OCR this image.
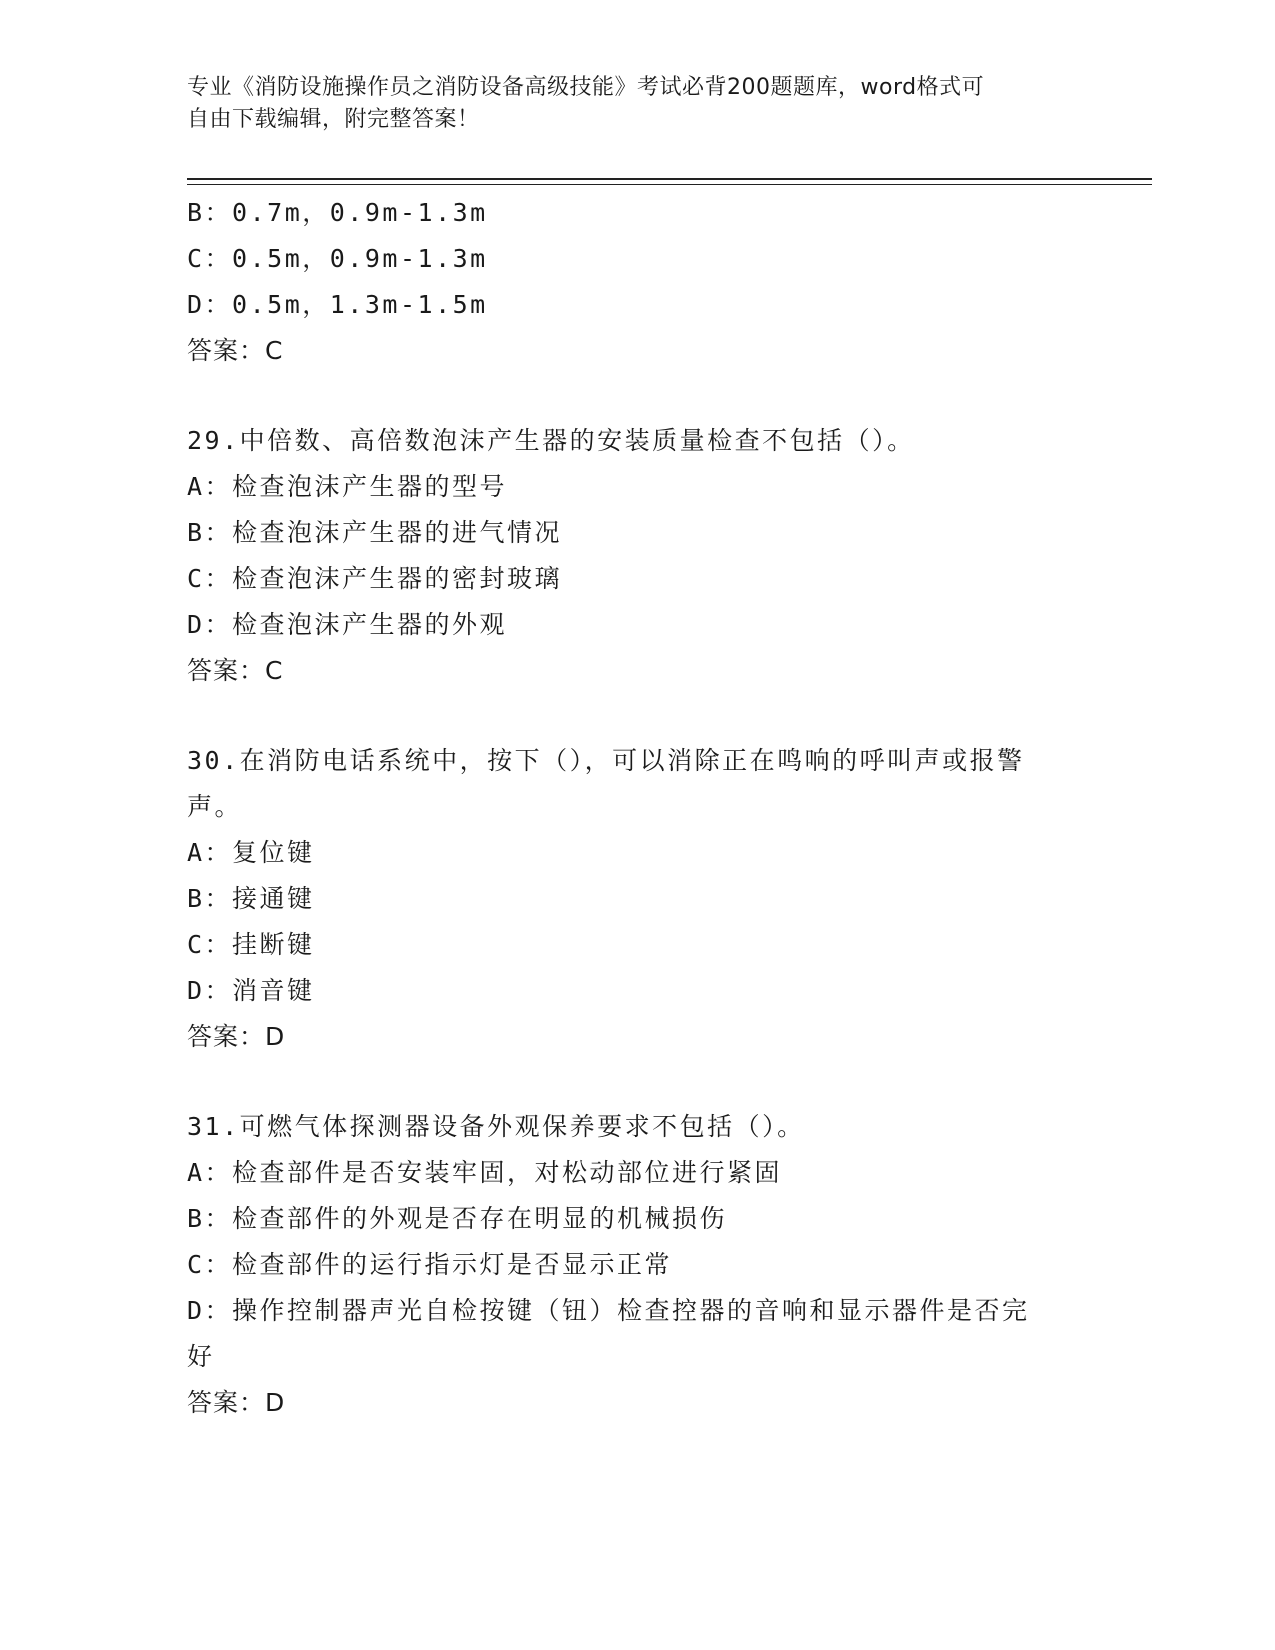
专业《消防设施操作员之消防设备高级技能》考试必背200题题库，word格式可
自由下载编辑，附完整答案！
B：0.7m，0.9m-1.3m
C：0.5m，0.9m-1.3m
D：0.5m，1.3m-1.5m
答案：C
29.中倍数、高倍数泡沫产生器的安装质量检查不包括（）。
A：检查泡沫产生器的型号
B：检查泡沫产生器的进气情况
C：检查泡沫产生器的密封玻璃
D：检查泡沫产生器的外观
答案：C
30.在消防电话系统中，按下（），可以消除正在鸣响的呼叫声或报警
声。
A：复位键
B：接通键
C：挂断键
D：消音键
答案：D
31.可燃气体探测器设备外观保养要求不包括（）。
A：检查部件是否安装牢固，对松动部位进行紧固
B：检查部件的外观是否存在明显的机械损伤
C：检查部件的运行指示灯是否显示正常
D：操作控制器声光自检按键（钮）检查控器的音响和显示器件是否完
好
答案：D
